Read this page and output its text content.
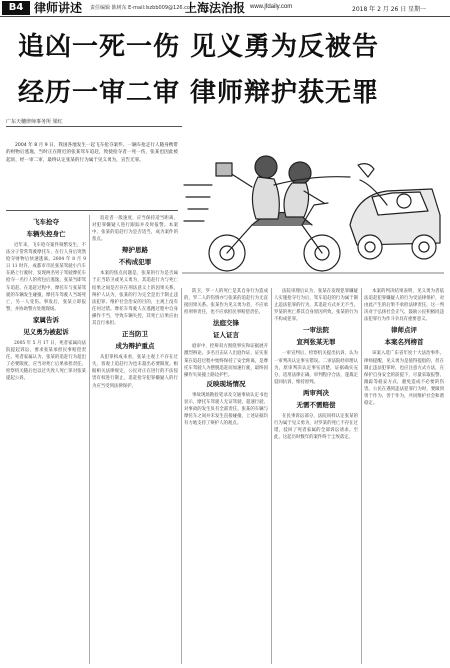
B4 律师讲述 责任编辑 陈树东 E-mail:lszbb009@126.com
上海法治报 www.jfdaily.com	2018 年 2 月 26 日 星期一
追凶一死一伤 见义勇为反被告
经历一审二审 律师辩护获无罪
广东天穗律师事务所 梁红
2004 年 8 月 9 日，我国各地发生一起飞车抢夺案件。一辆车抢走行人随身携带的财物后逃逸，当时正在附近的张某驾车追赶，致使抢夺者一死一伤，张某也因此被起诉，经一审二审，最终认定张某的行为属于见义勇为，宣告无罪。
飞车抢夺
车辆失控身亡

近年来，飞车抢夺案件频繁发生，不法分子常常驾驶摩托车，在行人身后突然抢夺财物后快速逃离。2004 年 8 月 9 日 11 时许，成都市市民张某驾驶小汽车在路上行驶时，发现两名男子驾驶摩托车抢夺一名行人的挎包后逃逸，张某当即驾车追赶。在追赶过程中，摩托车与张某驾驶的车辆发生碰撞，摩托车驾驶人当场死亡，另一人受伤。事发后，张某立即报警，并协助警方处理现场。

家属告诉
见义勇为被起诉

2005 年 5 月 17 日，死者家属向法院提起诉讼，要求张某承担民事赔偿责任。死者家属认为，张某的追赶行为超出了必要限度，应当对死亡后果承担责任。检察机关随后也以过失致人死亡罪对张某提起公诉。

追赶者一般速度，应当保持适当距离，对犯罪嫌疑人进行跟踪并及时报警。本案中，张某的追赶行为是否适当，成为案件的焦点。

辩护思路
不构成犯罪

本案的焦点问题是，张某的行为是否属于正当防卫或见义勇为，其追赶行为与死亡结果之间是否存在刑法意义上的因果关系。辩护人认为，张某的行为完全是出于制止违法犯罪、维护社会治安的目的，主观上没有任何过错。摩托车驾驶人在逃跑过程中自身操作不当，导致车辆失控，其死亡后果应由其自行承担。

正当防卫
成为辩护重点

从犯罪构成来看，张某主观上不存在过失，客观上追赶行为也未超出必要限度。根据相关法律规定，公民对正在进行的不法侵害有权进行制止，追赶抢夺犯罪嫌疑人的行为应当受到法律保护。

防卫，罗一人的死亡是其自身行为造成的，罗二人的伤情亦与张某的追赶行为无直接因果关系。张某作为见义勇为者，不应承担刑事责任，也不应承担民事赔偿责任。

法庭交锋
证人证言

庭审中，控辩双方围绕事实和证据展开激烈辩论。多名目击证人出庭作证，证实张某在追赶过程中始终保持了安全距离，是摩托车驾驶人为摆脱追赶而加速行驶，最终因操作失误撞上路边护栏。

反映现场情况

事故现场勘验笔录及交通事故认定书也显示，摩托车驾驶人无证驾驶、超速行驶，对事故的发生负有全部责任。张某的车辆与摩托车之间并未发生直接碰撞，上述证据均有力地支持了辩护人的观点。

法院审理后认为，张某在发现犯罪嫌疑人实施抢夺行为后，驾车追赶的行为属于制止违法犯罪的行为，其追赶方式并无不当。罗某的死亡系其自身原因所致，张某的行为不构成犯罪。

一审法院
宣判张某无罪

一审宣判后，检察机关提出抗诉，认为一审判决认定事实错误。二审法院经审理认为，原审判决认定事实清楚，证据确实充分，适用法律正确，审判程序合法，遂裁定驳回抗诉，维持原判。

两审判决
无需不需赔偿

在民事诉讼部分，法院同样认定张某的行为属于见义勇为，对罗某的死亡不存在过错，驳回了死者家属的全部诉讼请求。至此，这起历时数年的案件终于尘埃落定。

本案的判决结果表明，见义勇为者依法追赶犯罪嫌疑人的行为受法律保护，对由此产生的后果不承担法律责任。这一判决对于弘扬社会正气、鼓励公民积极同违法犯罪行为作斗争具有重要意义。

律师点评
本案名列榜首

该案入选广东省年度十大法治事件。律师提醒，见义勇为是值得提倡的，但在制止违法犯罪时，也应注意方式方法，在保护自身安全的前提下，尽量采取报警、跟踪等稳妥方式，避免造成不必要的伤害。公民在遇到违法犯罪行为时，要做到勇于作为、善于作为，共同维护社会和谐稳定。
